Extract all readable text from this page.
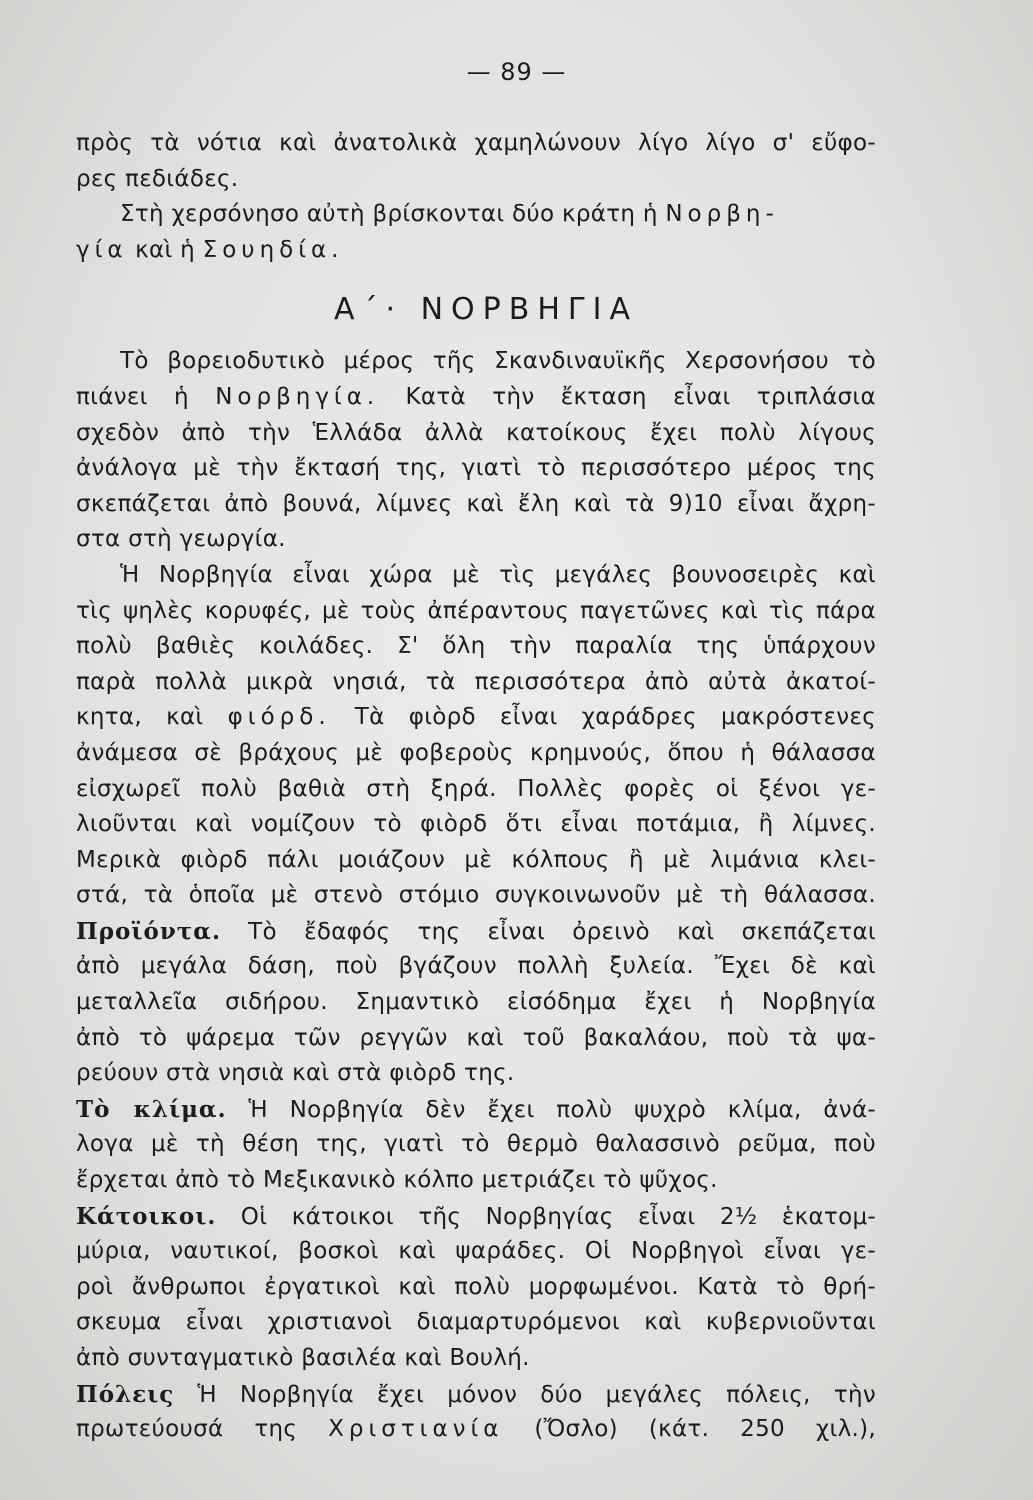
— 89 —
πρὸς τὰ νότια καὶ ἀνατολικὰ χαμηλώνουν λίγο λίγο σ' εὔφο-
ρες πεδιάδες.
Στὴ χερσόνησο αὐτὴ βρίσκονται δύο κράτη ἡ Νορβη-
γία καὶ ἡ Σουηδία.
Α΄· ΝΟΡΒΗΓΙΑ
Τὸ βορειοδυτικὸ μέρος τῆς Σκανδιναυϊκῆς Χερσονήσου τὸ
πιάνει ἡ Νορβηγία. Κατὰ τὴν ἔκταση εἶναι τριπλάσια
σχεδὸν ἀπὸ τὴν Ἑλλάδα ἀλλὰ κατοίκους ἔχει πολὺ λίγους
ἀνάλογα μὲ τὴν ἔκτασή της, γιατὶ τὸ περισσότερο μέρος της
σκεπάζεται ἀπὸ βουνά, λίμνες καὶ ἔλη καὶ τὰ 9)10 εἶναι ἄχρη-
στα στὴ γεωργία.
Ἡ Νορβηγία εἶναι χώρα μὲ τὶς μεγάλες βουνοσειρὲς καὶ
τὶς ψηλὲς κορυφές, μὲ τοὺς ἀπέραντους παγετῶνες καὶ τὶς πάρα
πολὺ βαθιὲς κοιλάδες. Σ' ὅλη τὴν παραλία της ὑπάρχουν
παρὰ πολλὰ μικρὰ νησιά, τὰ περισσότερα ἀπὸ αὐτὰ ἀκατοί-
κητα, καὶ φιόρδ. Τὰ φιὸρδ εἶναι χαράδρες μακρόστενες
ἀνάμεσα σὲ βράχους μὲ φοβεροὺς κρημνούς, ὅπου ἡ θάλασσα
εἰσχωρεῖ πολὺ βαθιὰ στὴ ξηρά. Πολλὲς φορὲς οἱ ξένοι γε-
λιοῦνται καὶ νομίζουν τὸ φιὸρδ ὅτι εἶναι ποτάμια, ἢ λίμνες.
Μερικὰ φιὸρδ πάλι μοιάζουν μὲ κόλπους ἢ μὲ λιμάνια κλει-
στά, τὰ ὁποῖα μὲ στενὸ στόμιο συγκοινωνοῦν μὲ τὴ θάλασσα.
Προϊόντα. Τὸ ἔδαφός της εἶναι ὀρεινὸ καὶ σκεπάζεται
ἀπὸ μεγάλα δάση, ποὺ βγάζουν πολλὴ ξυλεία. Ἔχει δὲ καὶ
μεταλλεῖα σιδήρου. Σημαντικὸ εἰσόδημα ἔχει ἡ Νορβηγία
ἀπὸ τὸ ψάρεμα τῶν ρεγγῶν καὶ τοῦ βακαλάου, ποὺ τὰ ψα-
ρεύουν στὰ νησιὰ καὶ στὰ φιὸρδ της.
Τὸ κλίμα. Ἡ Νορβηγία δὲν ἔχει πολὺ ψυχρὸ κλίμα, ἀνά-
λογα μὲ τὴ θέση της, γιατὶ τὸ θερμὸ θαλασσινὸ ρεῦμα, ποὺ
ἔρχεται ἀπὸ τὸ Μεξικανικὸ κόλπο μετριάζει τὸ ψῦχος.
Κάτοικοι. Οἱ κάτοικοι τῆς Νορβηγίας εἶναι 2½ ἑκατομ-
μύρια, ναυτικοί, βοσκοὶ καὶ ψαράδες. Οἱ Νορβηγοὶ εἶναι γε-
ροὶ ἄνθρωποι ἐργατικοὶ καὶ πολὺ μορφωμένοι. Κατὰ τὸ θρή-
σκευμα εἶναι χριστιανοὶ διαμαρτυρόμενοι καὶ κυβερνιοῦνται
ἀπὸ συνταγματικὸ βασιλέα καὶ Βουλή.
Πόλεις Ἡ Νορβηγία ἔχει μόνον δύο μεγάλες πόλεις, τὴν
πρωτεύουσά της Χριστιανία (Ὄσλο) (κάτ. 250 χιλ.),
